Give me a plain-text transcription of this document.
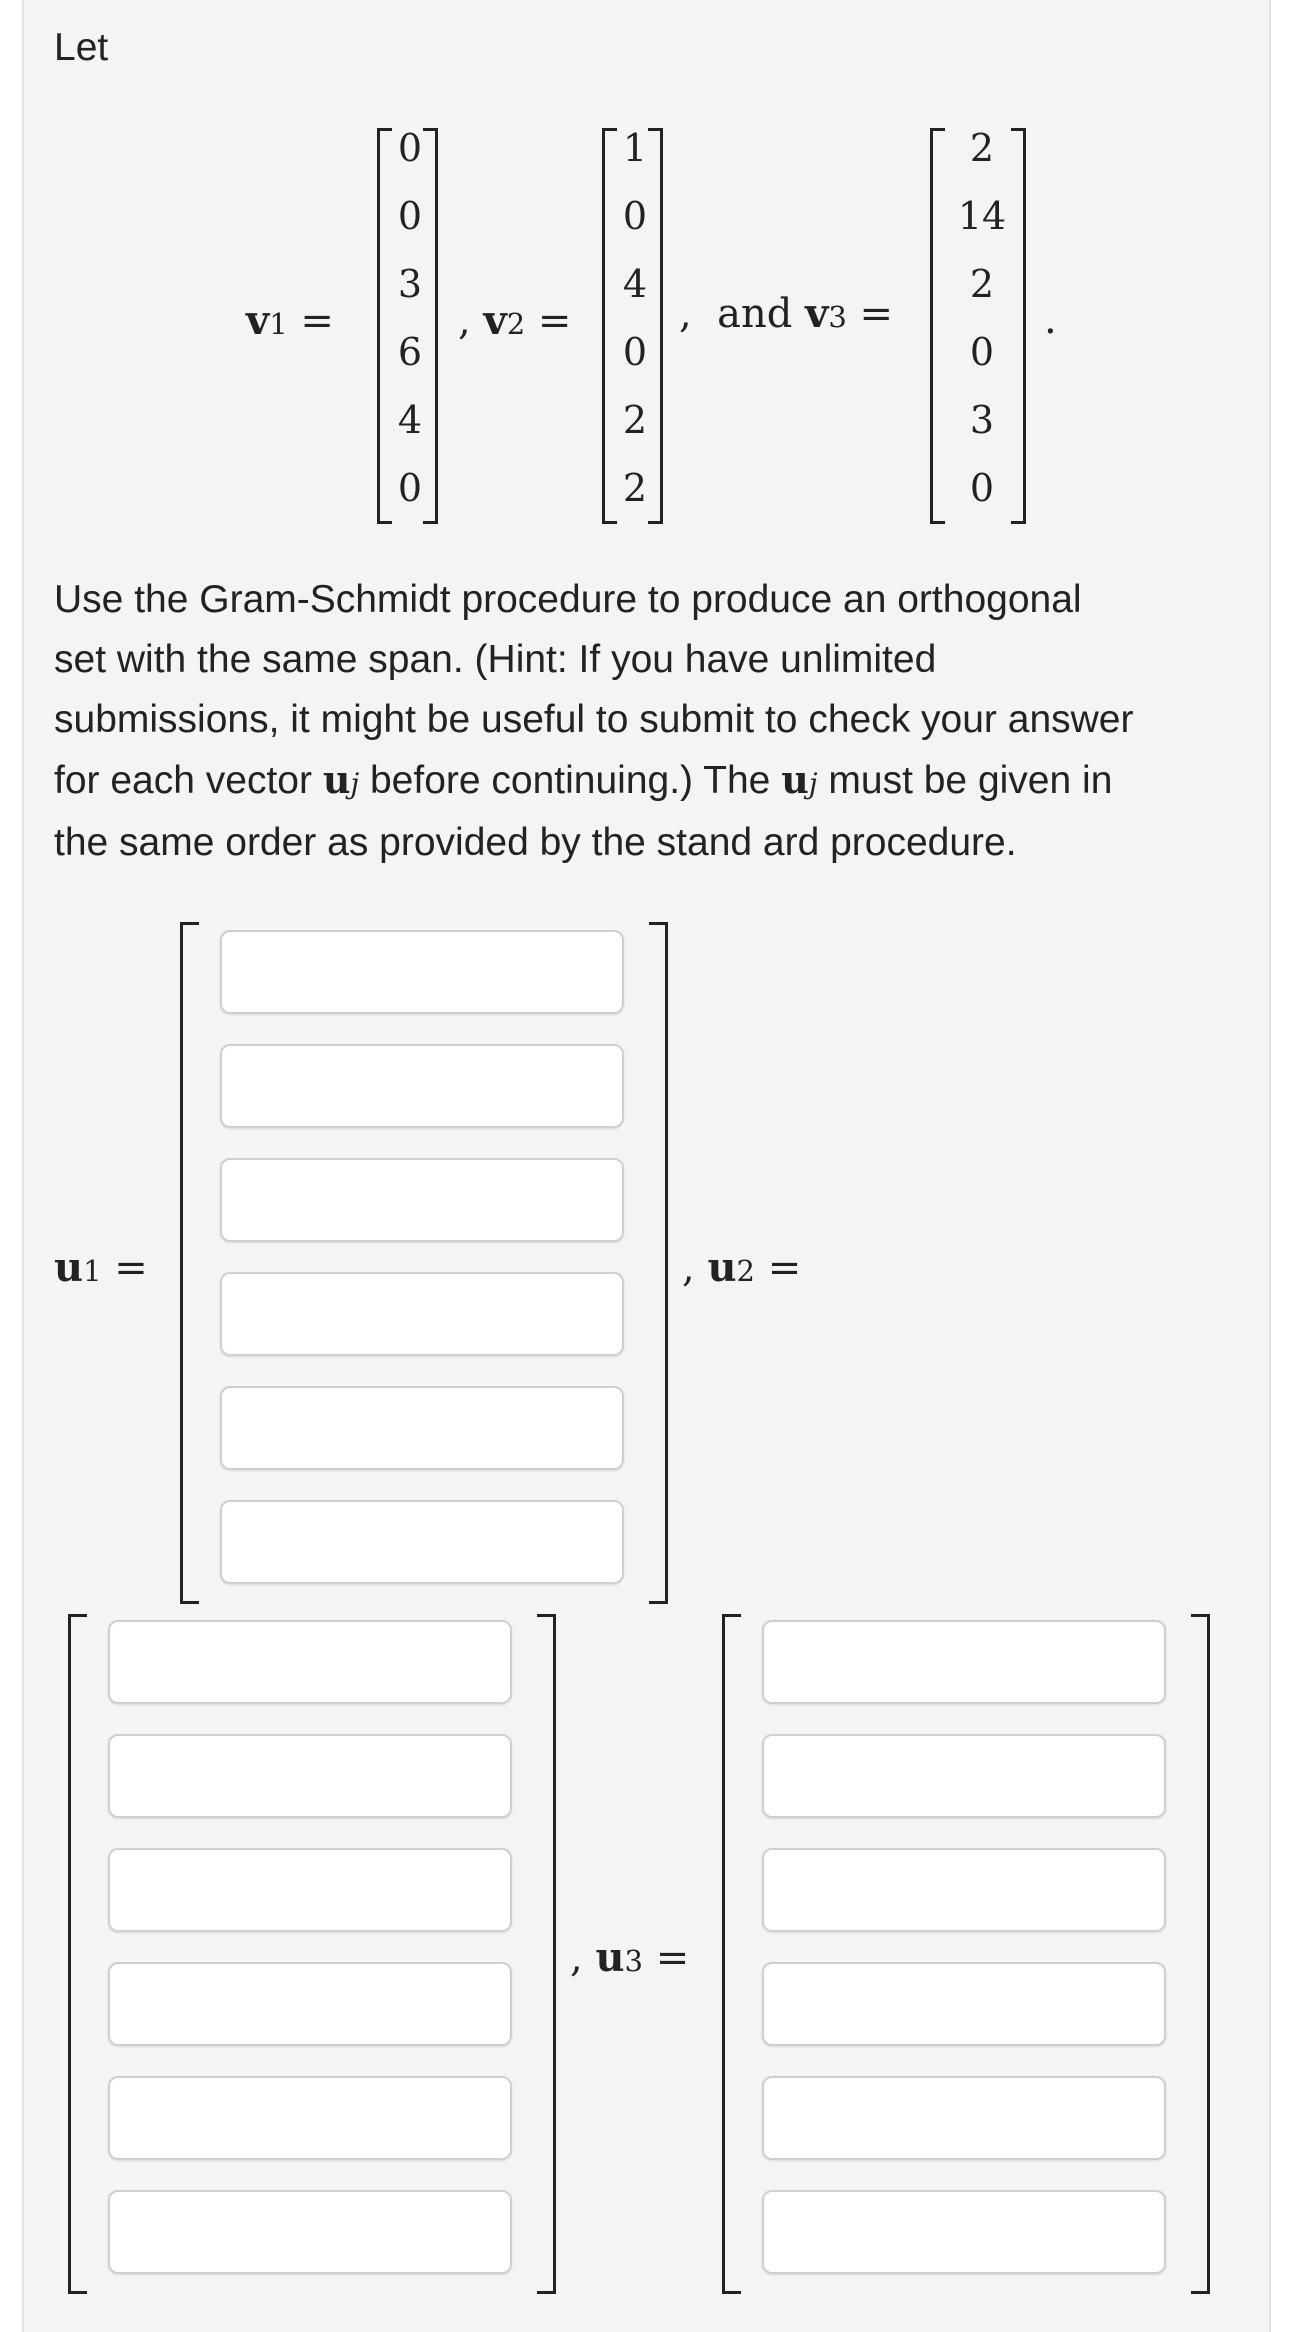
Let
v1 =
0
0
3
6
4
0
, v2 =
1
0
4
0
2
2
, and v3 =
2
14
2
0
3
0
.
Use the Gram-Schmidt procedure to produce an orthogonal
set with the same span. (Hint: If you have unlimited
submissions, it might be useful to submit to check your answer
for each vector uj before continuing.) The uj must be given in
the same order as provided by the stand ard procedure.
u1 =	, u2 =
, u3 =
